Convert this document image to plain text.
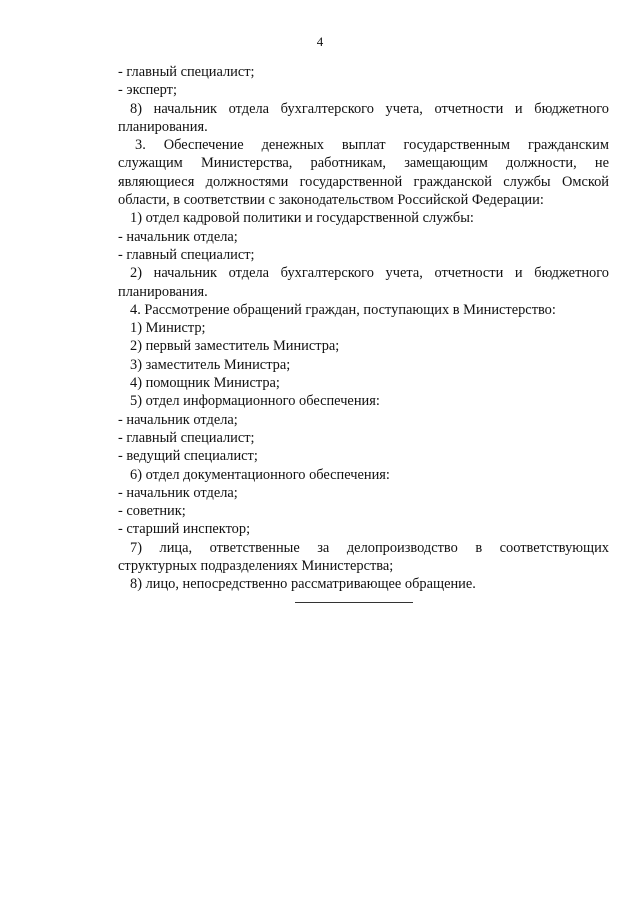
4
- главный специалист;
- эксперт;
8) начальник отдела бухгалтерского учета, отчетности и бюджетного
планирования.
3. Обеспечение денежных выплат государственным гражданским
служащим Министерства, работникам, замещающим должности, не
являющиеся должностями государственной гражданской службы Омской
области, в соответствии с законодательством Российской Федерации:
1) отдел кадровой политики и государственной службы:
- начальник отдела;
- главный специалист;
2) начальник отдела бухгалтерского учета, отчетности и бюджетного
планирования.
4. Рассмотрение обращений граждан, поступающих в Министерство:
1) Министр;
2) первый заместитель Министра;
3) заместитель Министра;
4) помощник Министра;
5) отдел информационного обеспечения:
- начальник отдела;
- главный специалист;
- ведущий специалист;
6) отдел документационного обеспечения:
- начальник отдела;
- советник;
- старший инспектор;
7) лица, ответственные за делопроизводство в соответствующих
структурных подразделениях Министерства;
8) лицо, непосредственно рассматривающее обращение.
